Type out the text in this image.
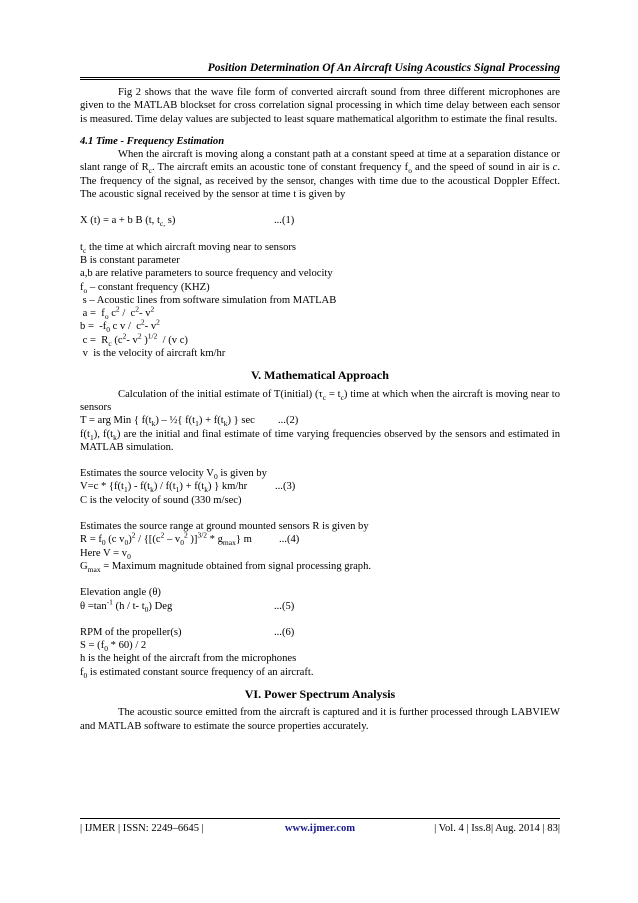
Position Determination Of An Aircraft Using Acoustics Signal Processing
Fig 2 shows that the wave file form of converted aircraft sound from three different microphones are given to the MATLAB blockset for cross correlation signal processing in which time delay between each sensor is measured. Time delay values are subjected to least square mathematical algorithm to estimate the final results.
4.1 Time - Frequency Estimation
When the aircraft is moving along a constant path at a constant speed at time at a separation distance or slant range of $R_c$. The aircraft emits an acoustic tone of constant frequency $f_o$ and the speed of sound in air is c. The frequency of the signal, as received by the sensor, changes with time due to the acoustical Doppler Effect. The acoustic signal received by the sensor at time t is given by
X (t) = a + b B (t, $t_{c,}$ s)	...(1)
$t_c$ the time at which aircraft moving near to sensors
B is constant parameter
a,b are relative parameters to source frequency and velocity
$f_o$ – constant frequency (KHZ)
s – Acoustic lines from software simulation from MATLAB
$a = f_o$ $c^2 / c^2-$ $v^2$
$b = -f_0$ c v /  $c^2-$ $v^2$
$c = R_c$ ($c^2-$ $v^2$ )$^{1/2}$  / (v c)
v  is the velocity of aircraft km/hr
V. Mathematical Approach
Calculation of the initial estimate of T(initial) $(\tau_c = t_c)$ time at which when the aircraft is moving near to sensors
T = arg Min { $f(t_k)$ – ½{ $f(t_1) + f(t_k)$ } sec ...(2)
$f(t_1)$, $f(t_k)$ are the initial and final estimate of time varying frequencies observed by the sensors and estimated in MATLAB simulation.
Estimates the source velocity $V_0$ is given by
$V=c * \{f(t_1) - f(t_k) / f(t_1) + f(t_k)$ } km/hr	...(3)
C is the velocity of sound (330 m/sec)
Estimates the source range at ground mounted sensors R is given by
$R = f_0$ (c $v_0)^2 / \{[(c^2 - v_0^2$ )]$^{3/2} * g_{max}$} m	...(4)
Here $V = v_0$
$G_{max}$ = Maximum magnitude obtained from signal processing graph.
Elevation angle (θ)
$\theta =\tan^{-1}$ (h / t- $t_0$) Deg	...(5)
RPM of the propeller(s)	...(6)
$S = (f_0 * 60) / 2$
h is the height of the aircraft from the microphones
$f_0$ is estimated constant source frequency of an aircraft.
VI. Power Spectrum Analysis
The acoustic source emitted from the aircraft is captured and it is further processed through LABVIEW and MATLAB software to estimate the source properties accurately.
| IJMER | ISSN: 2249–6645 |	www.ijmer.com	| Vol. 4 | Iss.8| Aug. 2014 | 83|
